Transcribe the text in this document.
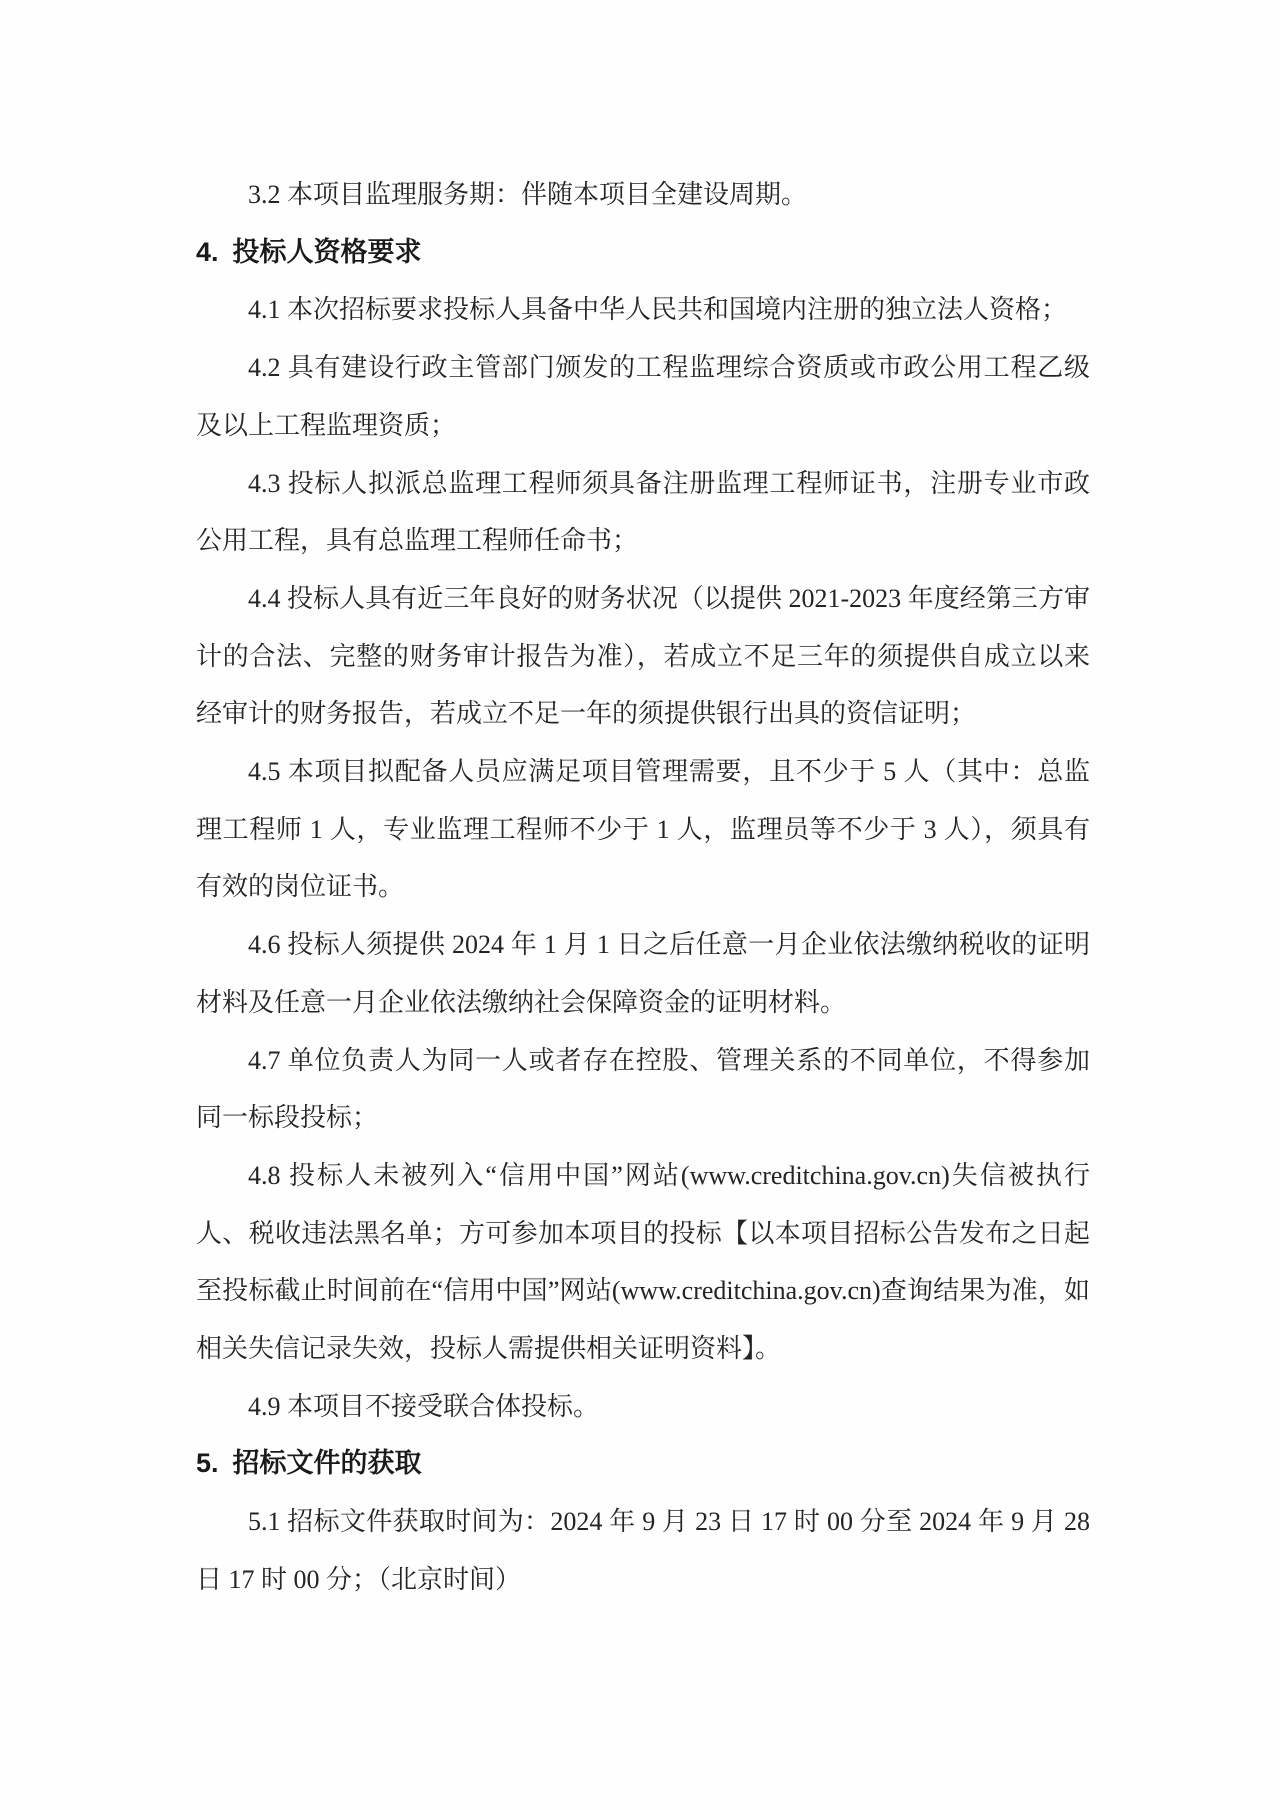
3.2 本项目监理服务期：伴随本项目全建设周期。

4. 投标人资格要求

4.1 本次招标要求投标人具备中华人民共和国境内注册的独立法人资格；

4.2 具有建设行政主管部门颁发的工程监理综合资质或市政公用工程乙级及以上工程监理资质；

4.3 投标人拟派总监理工程师须具备注册监理工程师证书，注册专业市政公用工程，具有总监理工程师任命书；

4.4 投标人具有近三年良好的财务状况（以提供 2021-2023 年度经第三方审计的合法、完整的财务审计报告为准），若成立不足三年的须提供自成立以来经审计的财务报告，若成立不足一年的须提供银行出具的资信证明；

4.5 本项目拟配备人员应满足项目管理需要，且不少于 5 人（其中：总监理工程师 1 人，专业监理工程师不少于 1 人，监理员等不少于 3 人），须具有有效的岗位证书。

4.6 投标人须提供 2024 年 1 月 1 日之后任意一月企业依法缴纳税收的证明材料及任意一月企业依法缴纳社会保障资金的证明材料。

4.7 单位负责人为同一人或者存在控股、管理关系的不同单位，不得参加同一标段投标；

4.8 投标人未被列入“信用中国”网站(www.creditchina.gov.cn)失信被执行人、税收违法黑名单；方可参加本项目的投标【以本项目招标公告发布之日起至投标截止时间前在“信用中国”网站(www.creditchina.gov.cn)查询结果为准，如相关失信记录失效，投标人需提供相关证明资料】。

4.9 本项目不接受联合体投标。

5. 招标文件的获取

5.1 招标文件获取时间为：2024 年 9 月 23 日 17 时 00 分至 2024 年 9 月 28 日 17 时 00 分；（北京时间）
